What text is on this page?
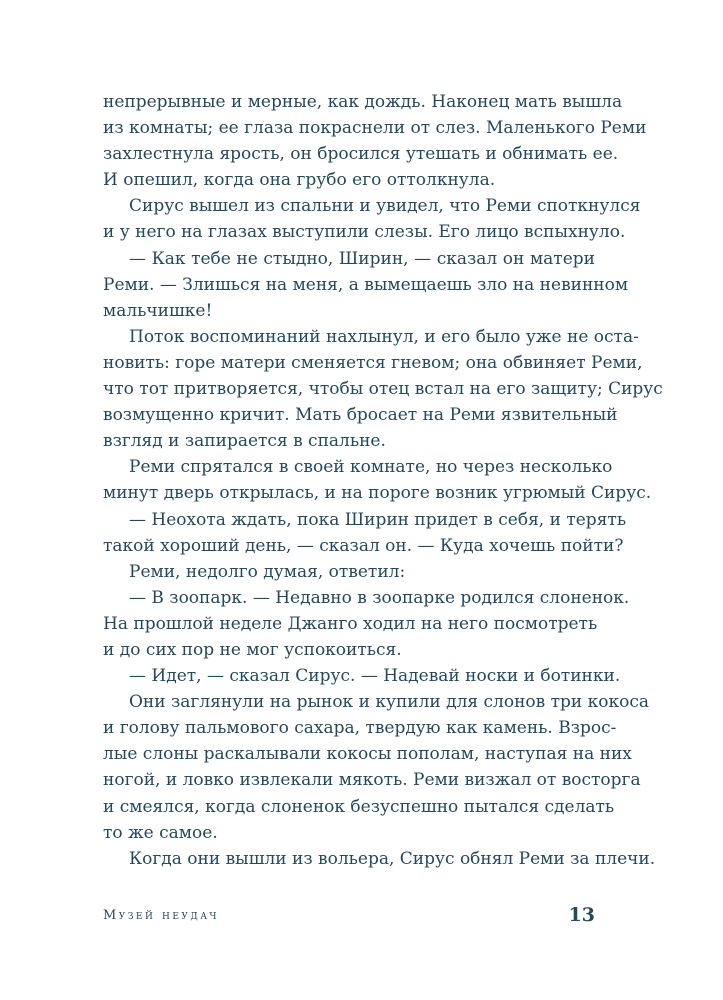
непрерывные и мерные, как дождь. Наконец мать вышла
из комнаты; ее глаза покраснели от слез. Маленького Реми
захлестнула ярость, он бросился утешать и обнимать ее.
И опешил, когда она грубо его оттолкнула.
Сирус вышел из спальни и увидел, что Реми споткнулся
и у него на глазах выступили слезы. Его лицо вспыхнуло.
— Как тебе не стыдно, Ширин, — сказал он матери
Реми. — Злишься на меня, а вымещаешь зло на невинном
мальчишке!
Поток воспоминаний нахлынул, и его было уже не оста-
новить: горе матери сменяется гневом; она обвиняет Реми,
что тот притворяется, чтобы отец встал на его защиту; Сирус
возмущенно кричит. Мать бросает на Реми язвительный
взгляд и запирается в спальне.
Реми спрятался в своей комнате, но через несколько
минут дверь открылась, и на пороге возник угрюмый Сирус.
— Неохота ждать, пока Ширин придет в себя, и терять
такой хороший день, — сказал он. — Куда хочешь пойти?
Реми, недолго думая, ответил:
— В зоопарк. — Недавно в зоопарке родился слоненок.
На прошлой неделе Джанго ходил на него посмотреть
и до сих пор не мог успокоиться.
— Идет, — сказал Сирус. — Надевай носки и ботинки.
Они заглянули на рынок и купили для слонов три кокоса
и голову пальмового сахара, твердую как камень. Взрос-
лые слоны раскалывали кокосы пополам, наступая на них
ногой, и ловко извлекали мякоть. Реми визжал от восторга
и смеялся, когда слоненок безуспешно пытался сделать
то же самое.
Когда они вышли из вольера, Сирус обнял Реми за плечи.
Музей неудач	13
